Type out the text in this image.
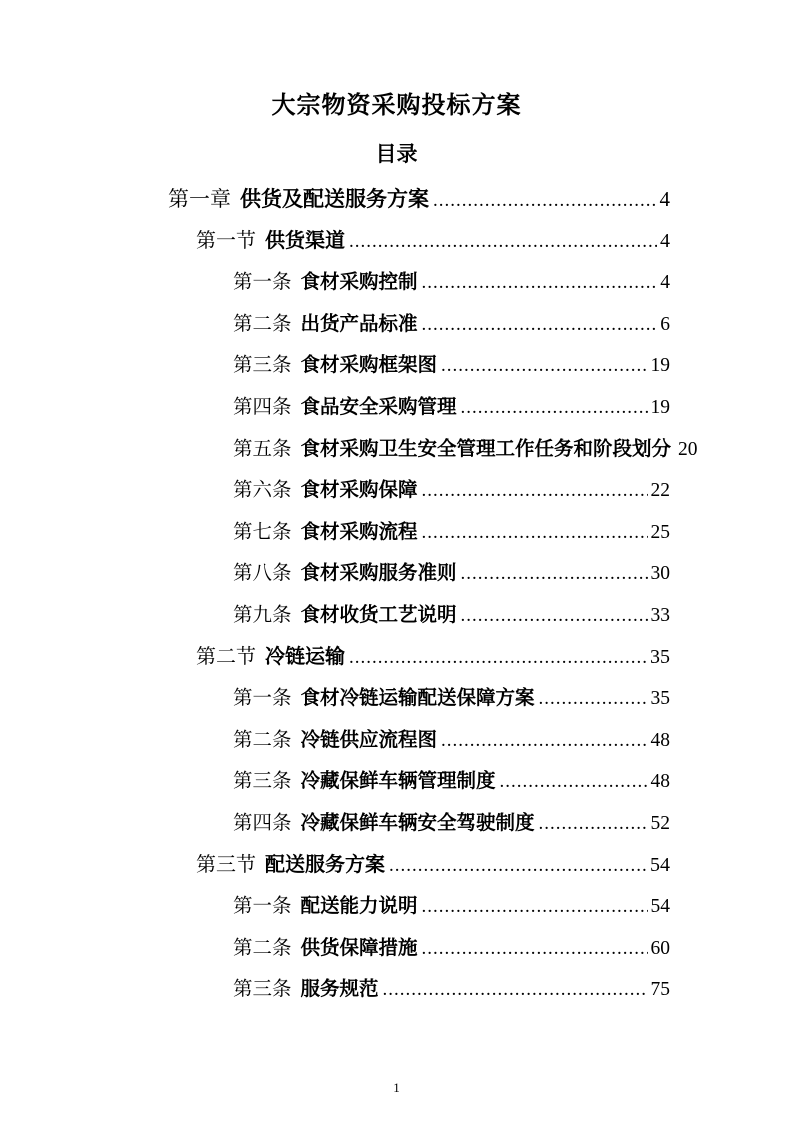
大宗物资采购投标方案
目录
第一章 供货及配送服务方案 .....	4
第一节 供货渠道 .....	4
第一条 食材采购控制 .....	4
第二条 出货产品标准 .....	6
第三条 食材采购框架图 .....	19
第四条 食品安全采购管理 .....	19
第五条 食材采购卫生安全管理工作任务和阶段划分 20
第六条 食材采购保障 .....	22
第七条 食材采购流程 .....	25
第八条 食材采购服务准则 .....	30
第九条 食材收货工艺说明 .....	33
第二节 冷链运输 .....	35
第一条 食材冷链运输配送保障方案 .....	35
第二条 冷链供应流程图 .....	48
第三条 冷藏保鲜车辆管理制度 .....	48
第四条 冷藏保鲜车辆安全驾驶制度 .....	52
第三节 配送服务方案 .....	54
第一条 配送能力说明 .....	54
第二条 供货保障措施 .....	60
第三条 服务规范 .....	75
1
